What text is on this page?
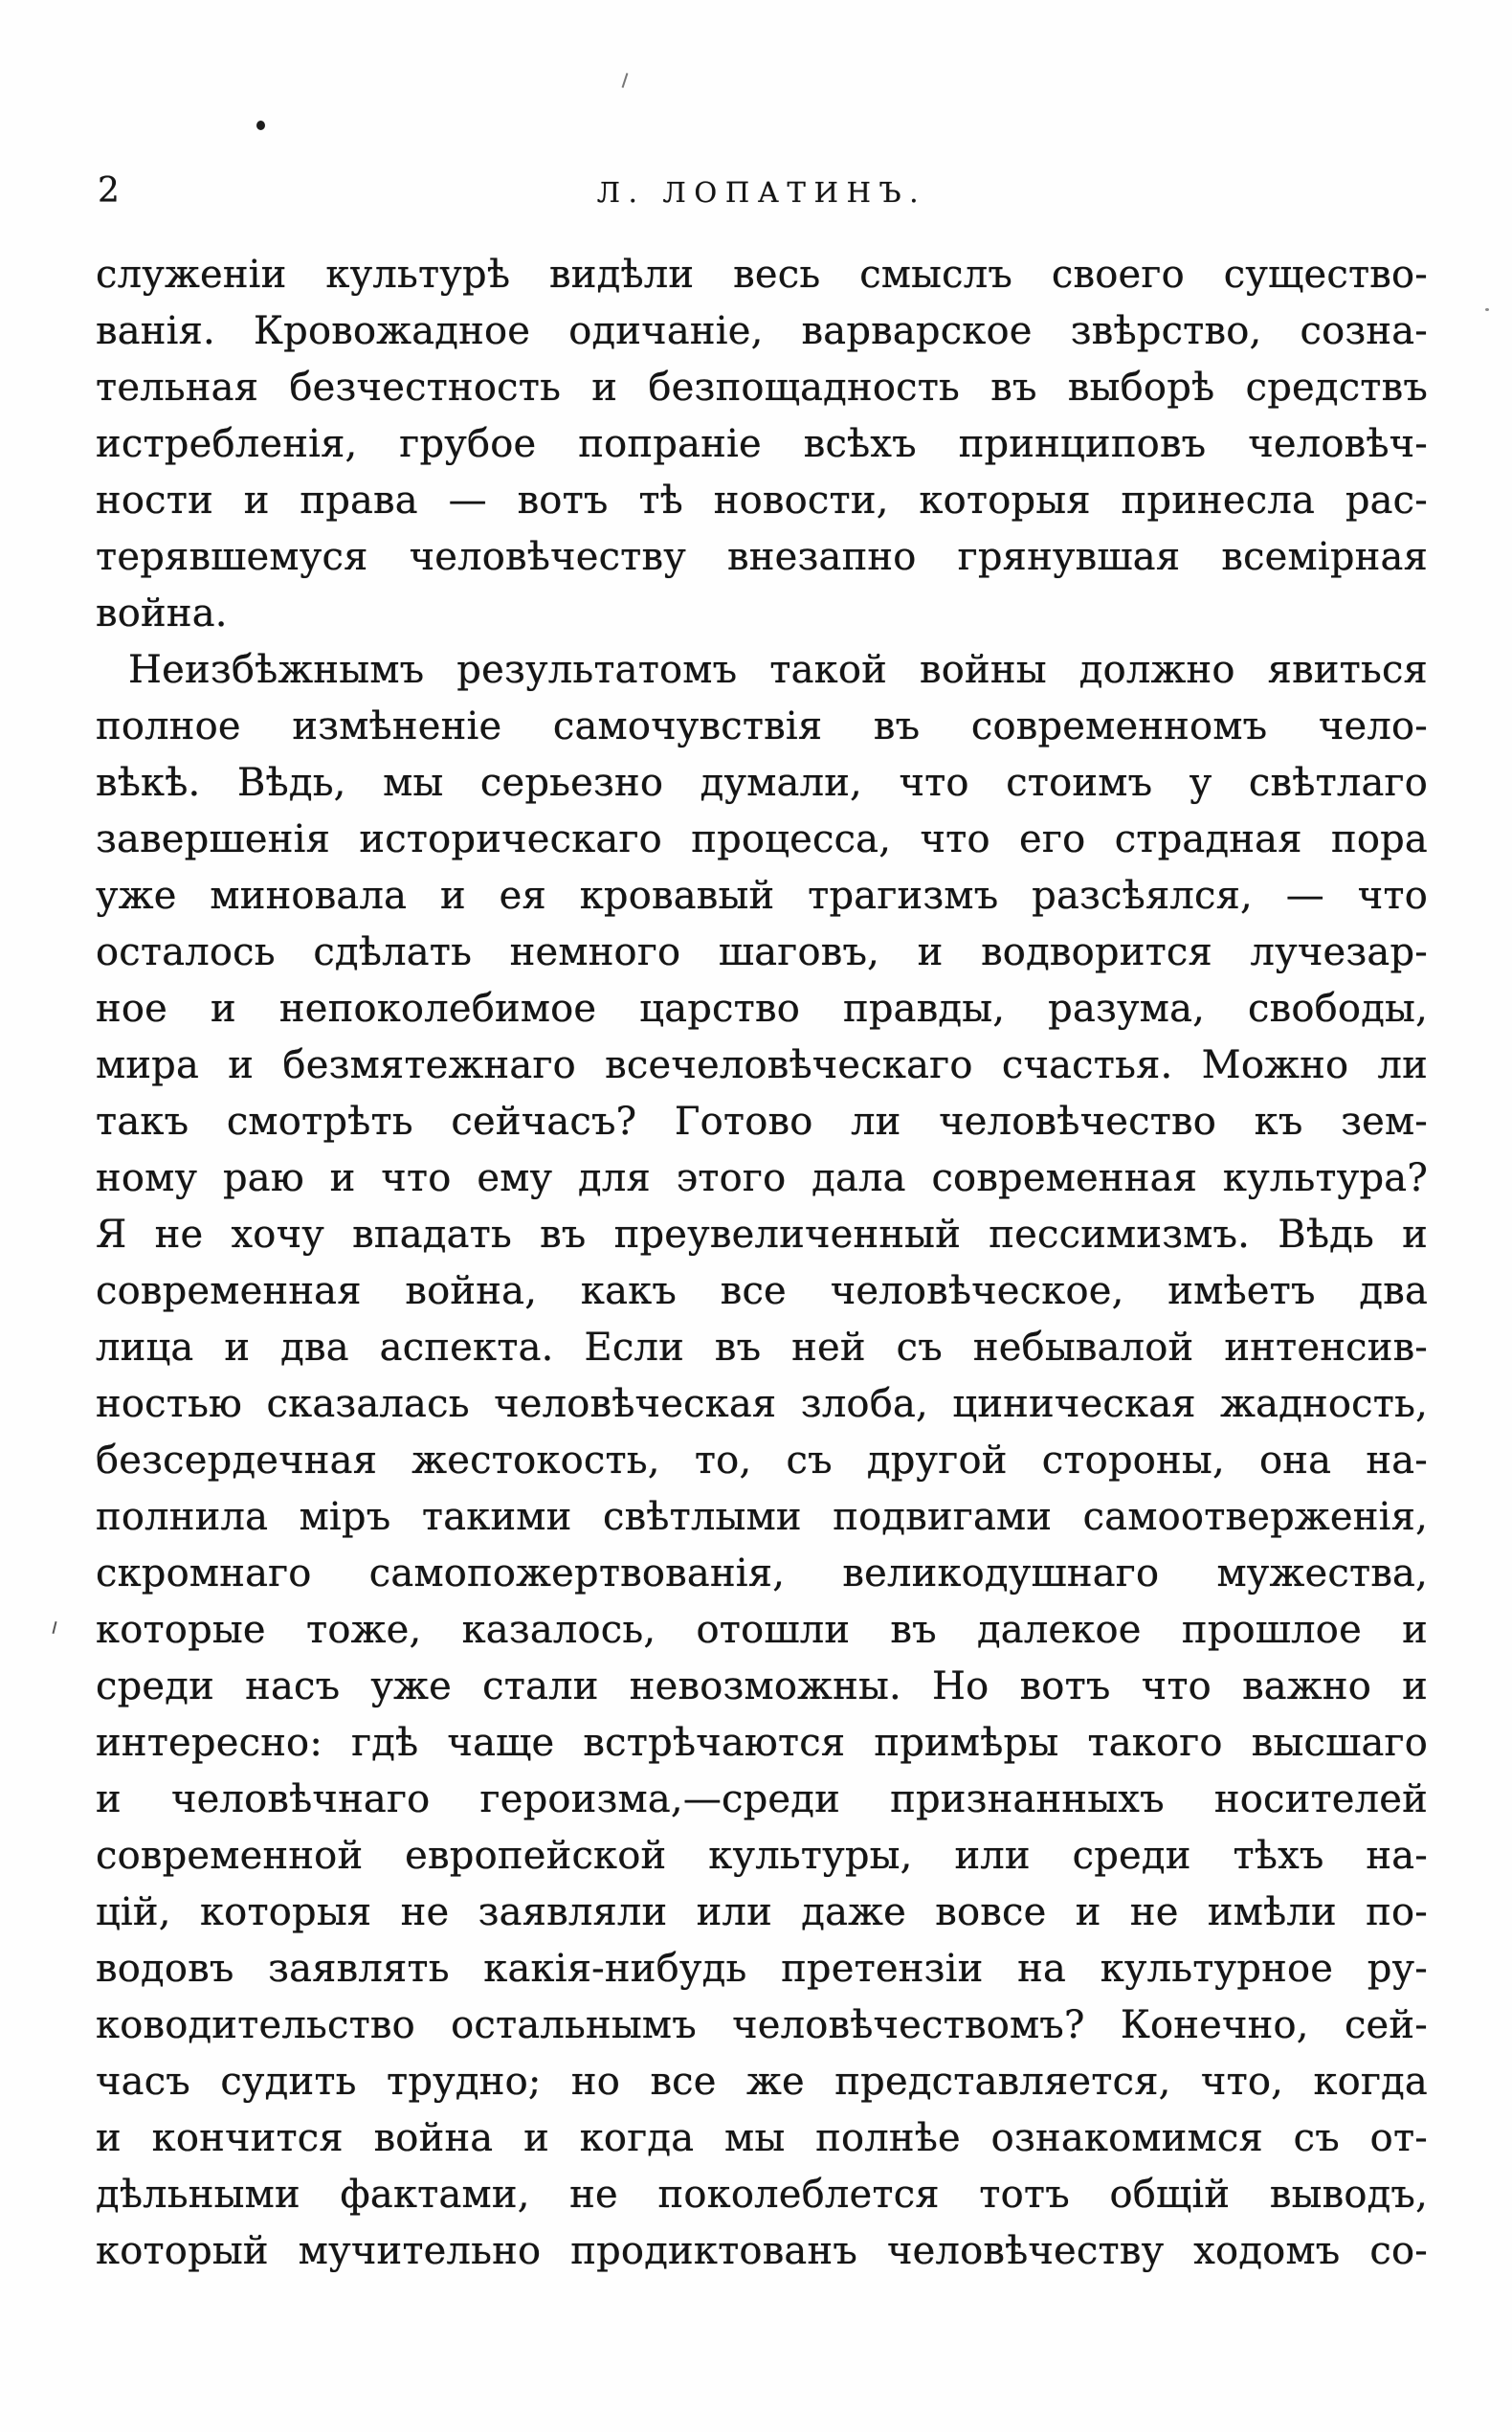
2	Л. ЛОПАТИНЪ.
служеніи культурѣ видѣли весь смыслъ своего существо-
ванія. Кровожадное одичаніе, варварское звѣрство, созна-
тельная безчестность и безпощадность въ выборѣ средствъ
истребленія, грубое попраніе всѣхъ принциповъ человѣч-
ности и права — вотъ тѣ новости, которыя принесла рас-
терявшемуся человѣчеству внезапно грянувшая всемірная
война.
Неизбѣжнымъ результатомъ такой войны должно явиться
полное измѣненіе самочувствія въ современномъ чело-
вѣкѣ. Вѣдь, мы серьезно думали, что стоимъ у свѣтлаго
завершенія историческаго процесса, что его страдная пора
уже миновала и ея кровавый трагизмъ разсѣялся, — что
осталось сдѣлать немного шаговъ, и водворится лучезар-
ное и непоколебимое царство правды, разума, свободы,
мира и безмятежнаго всечеловѣческаго счастья. Можно ли
такъ смотрѣть сейчасъ? Готово ли человѣчество къ зем-
ному раю и что ему для этого дала современная культура?
Я не хочу впадать въ преувеличенный пессимизмъ. Вѣдь и
современная война, какъ все человѣческое, имѣетъ два
лица и два аспекта. Если въ ней съ небывалой интенсив-
ностью сказалась человѣческая злоба, циническая жадность,
безсердечная жестокость, то, съ другой стороны, она на-
полнила міръ такими свѣтлыми подвигами самоотверженія,
скромнаго самопожертвованія, великодушнаго мужества,
которые тоже, казалось, отошли въ далекое прошлое и
среди насъ уже стали невозможны. Но вотъ что важно и
интересно: гдѣ чаще встрѣчаются примѣры такого высшаго
и человѣчнаго героизма,—среди признанныхъ носителей
современной европейской культуры, или среди тѣхъ на-
цій, которыя не заявляли или даже вовсе и не имѣли по-
водовъ заявлять какія-нибудь претензіи на культурное ру-
ководительство остальнымъ человѣчествомъ? Конечно, сей-
часъ судить трудно; но все же представляется, что, когда
и кончится война и когда мы полнѣе ознакомимся съ от-
дѣльными фактами, не поколеблется тотъ общій выводъ,
который мучительно продиктованъ человѣчеству ходомъ со-
